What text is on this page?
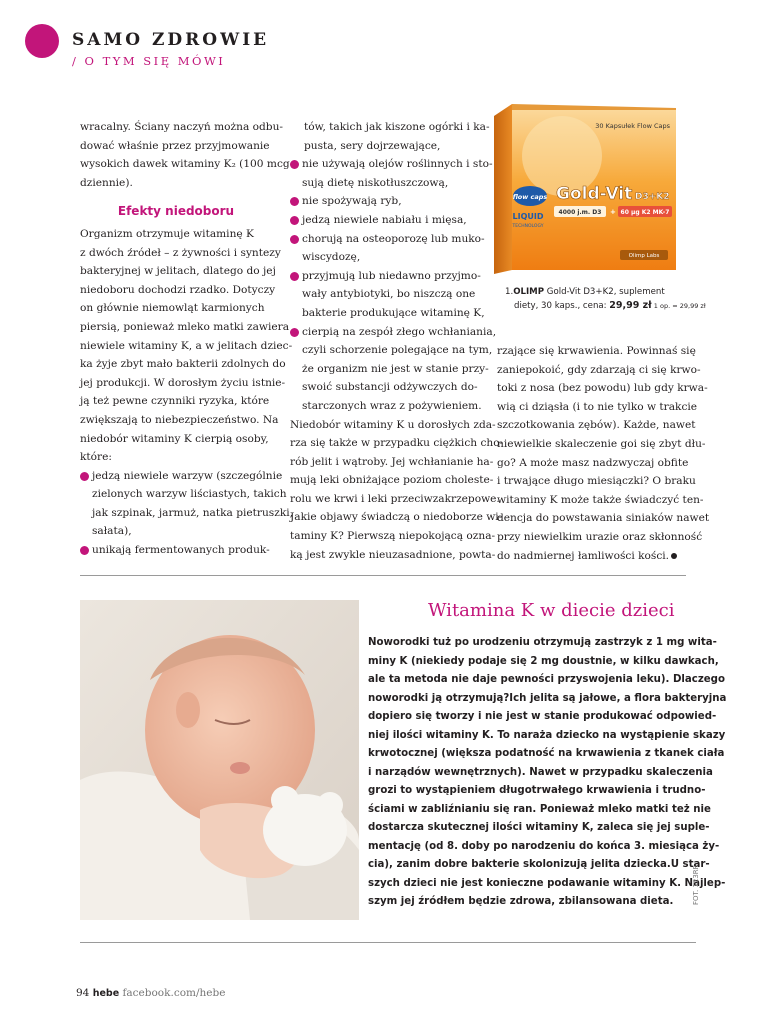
SAMO ZDROWIE
/ O TYM SIĘ MÓWI

wracalny. Ściany naczyń można odbu-
dować właśnie przez przyjmowanie
wysokich dawek witaminy K₂ (100 mcg
dziennie).

Efekty niedoboru

Organizm otrzymuje witaminę K
z dwóch źródeł – z żywności i syntezy
bakteryjnej w jelitach, dlatego do jej
niedoboru dochodzi rzadko. Dotyczy
on głównie niemowląt karmionych
piersią, ponieważ mleko matki zawiera
niewiele witaminy K, a w jelitach dziec-
ka żyje zbyt mało bakterii zdolnych do
jej produkcji. W dorosłym życiu istnie-
ją też pewne czynniki ryzyka, które
zwiększają to niebezpieczeństwo. Na
niedobór witaminy K cierpią osoby,
które:

jedzą niewiele warzyw (szczególnie
zielonych warzyw liściastych, takich
jak szpinak, jarmuż, natka pietruszki,
sałata),
unikają fermentowanych produk-

tów, takich jak kiszone ogórki i ka-
pusta, sery dojrzewające,

nie używają olejów roślinnych i sto-
sują dietę niskotłuszczową,
nie spożywają ryb,
jedzą niewiele nabiału i mięsa,
chorują na osteoporozę lub muko-
wiscydozę,
przyjmują lub niedawno przyjmo-
wały antybiotyki, bo niszczą one
bakterie produkujące witaminę K,
cierpią na zespół złego wchłaniania,
czyli schorzenie polegające na tym,
że organizm nie jest w stanie przy-
swoić substancji odżywczych do-
starczonych wraz z pożywieniem.

Niedobór witaminy K u dorosłych zda-
rza się także w przypadku ciężkich cho-
rób jelit i wątroby. Jej wchłanianie ha-
mują leki obniżające poziom choleste-
rolu we krwi i leki przeciwzakrzepowe.
Jakie objawy świadczą o niedoborze wi-
taminy K? Pierwszą niepokojącą ozna-
ką jest zwykle nieuzasadnione, powta-

30 Kapsułek Flow Caps
flow caps
LIQUID
TECHNOLOGY
Gold-Vit D3+K2
4000 j.m. D3 + 60 μg K2 MK-7
Olimp Labs
1.OLIMP Gold-Vit D3+K2, suplement
diety, 30 kaps., cena: 29,99 zł 1 op. = 29,99 zł

rzające się krwawienia. Powinnaś się
zaniepokoić, gdy zdarzają ci się krwo-
toki z nosa (bez powodu) lub gdy krwa-
wią ci dziąsła (i to nie tylko w trakcie
szczotkowania zębów). Każde, nawet
niewielkie skaleczenie goi się zbyt dłu-
go? A może masz nadzwyczaj obfite
i trwające długo miesiączki? O braku
witaminy K może także świadczyć ten-
dencja do powstawania siniaków nawet
przy niewielkim urazie oraz skłonność
do nadmiernej łamliwości kości.

Witamina K w diecie dzieci
Noworodki tuż po urodzeniu otrzymują zastrzyk z 1 mg wita-
miny K (niekiedy podaje się 2 mg doustnie, w kilku dawkach,
ale ta metoda nie daje pewności przyswojenia leku). Dlaczego
noworodki ją otrzymują?Ich jelita są jałowe, a flora bakteryjna
dopiero się tworzy i nie jest w stanie produkować odpowied-
niej ilości witaminy K. To naraża dziecko na wystąpienie skazy
krwotocznej (większa podatność na krwawienia z tkanek ciała
i narządów wewnętrznych). Nawet w przypadku skaleczenia
grozi to wystąpieniem długotrwałego krwawienia i trudno-
ściami w zabliźnianiu się ran. Ponieważ mleko matki też nie
dostarcza skutecznej ilości witaminy K, zaleca się jej suple-
mentację (od 8. doby po narodzeniu do końca 3. miesiąca ży-
cia), zanim dobre bakterie skolonizują jelita dziecka.U star-
szych dzieci nie jest konieczne podawanie witaminy K. Najlep-
szym jej źródłem będzie zdrowa, zbilansowana dieta.	FOT. 123RF
94 hebe facebook.com/hebe
